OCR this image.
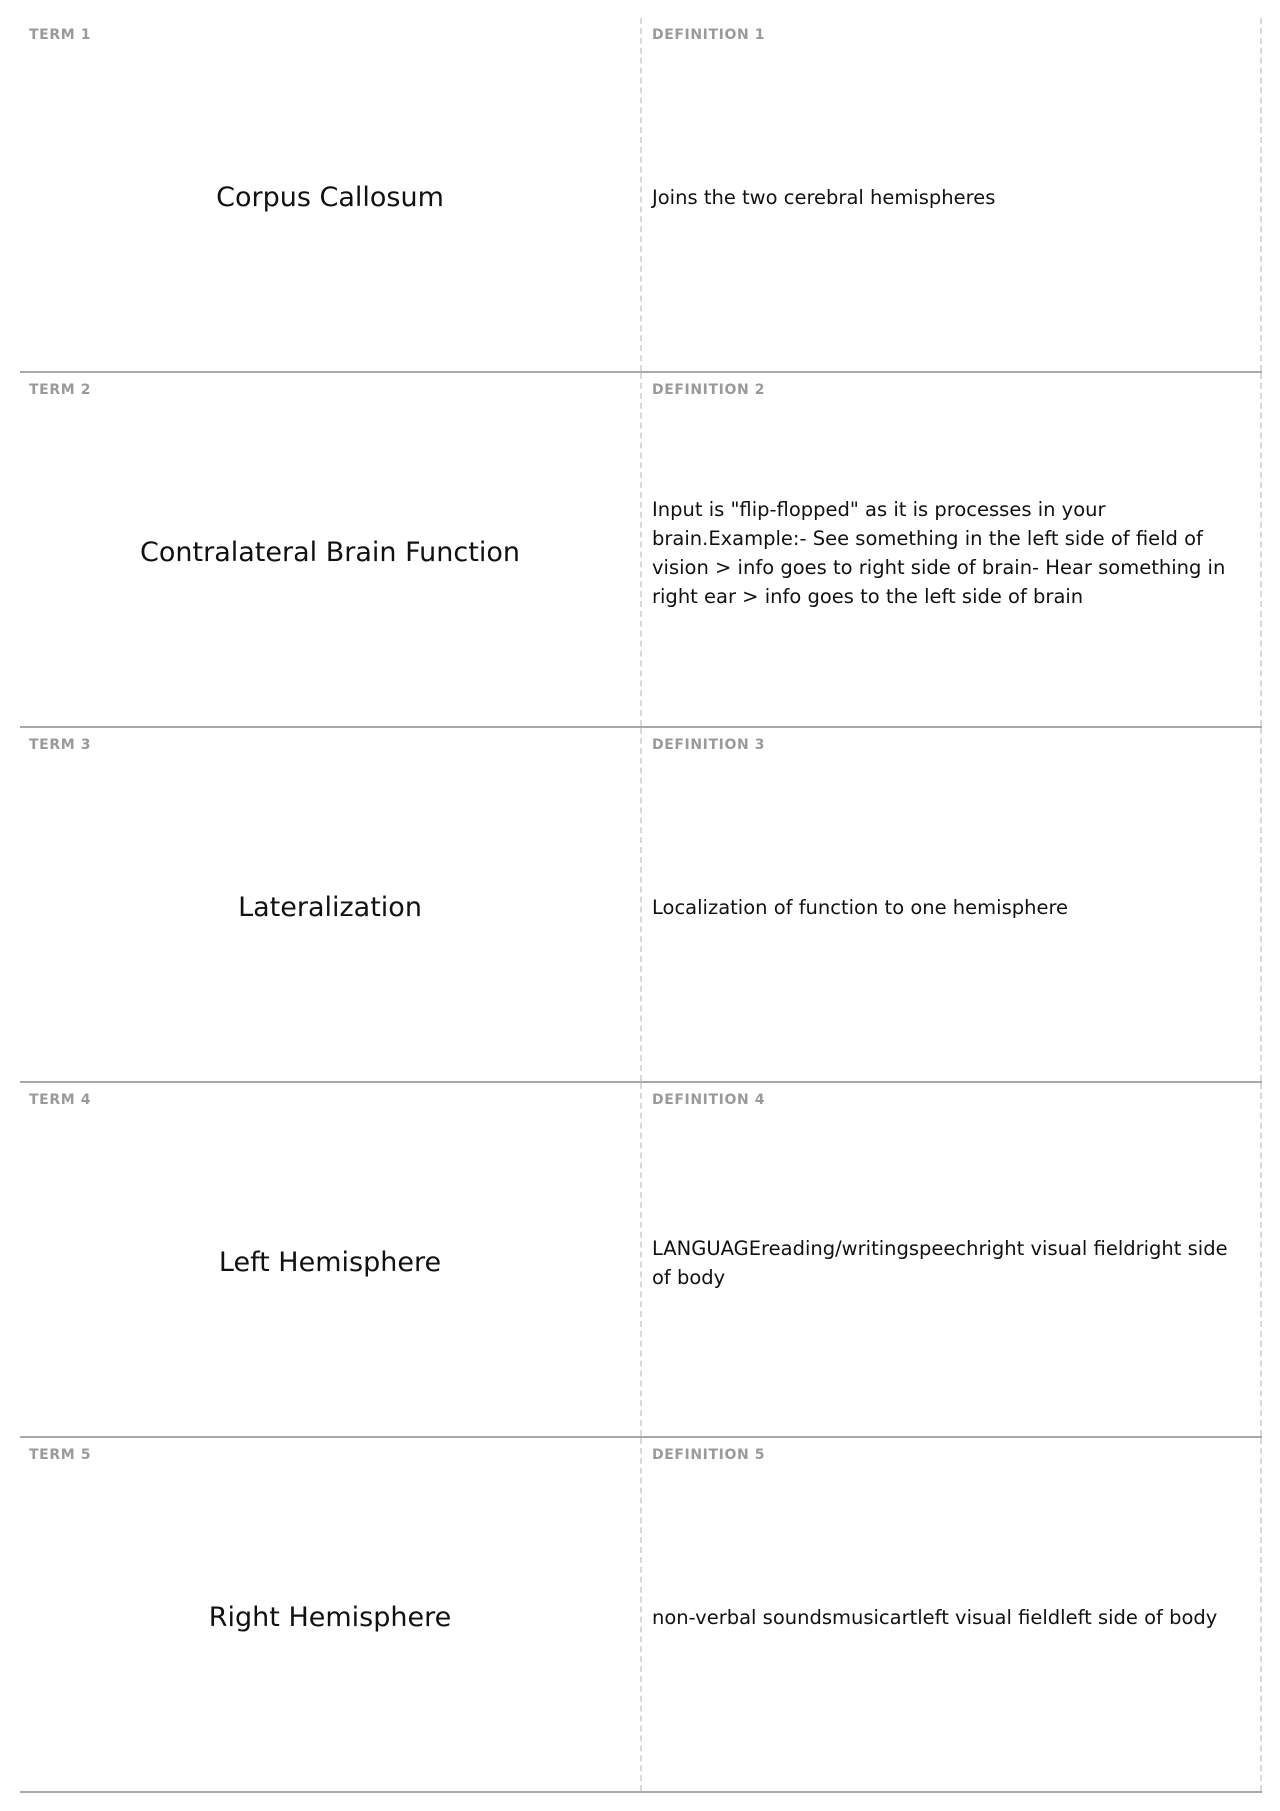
TERM 1
Corpus Callosum
DEFINITION 1
Joins the two cerebral hemispheres
TERM 2
Contralateral Brain Function
DEFINITION 2
Input is "flip-flopped" as it is processes in your brain.Example:- See something in the left side of field of vision > info goes to right side of brain- Hear something in right ear > info goes to the left side of brain
TERM 3
Lateralization
DEFINITION 3
Localization of function to one hemisphere
TERM 4
Left Hemisphere
DEFINITION 4
LANGUAGEreading/writingspeechright visual fieldright side of body
TERM 5
Right Hemisphere
DEFINITION 5
non-verbal soundsmusicartleft visual fieldleft side of body
